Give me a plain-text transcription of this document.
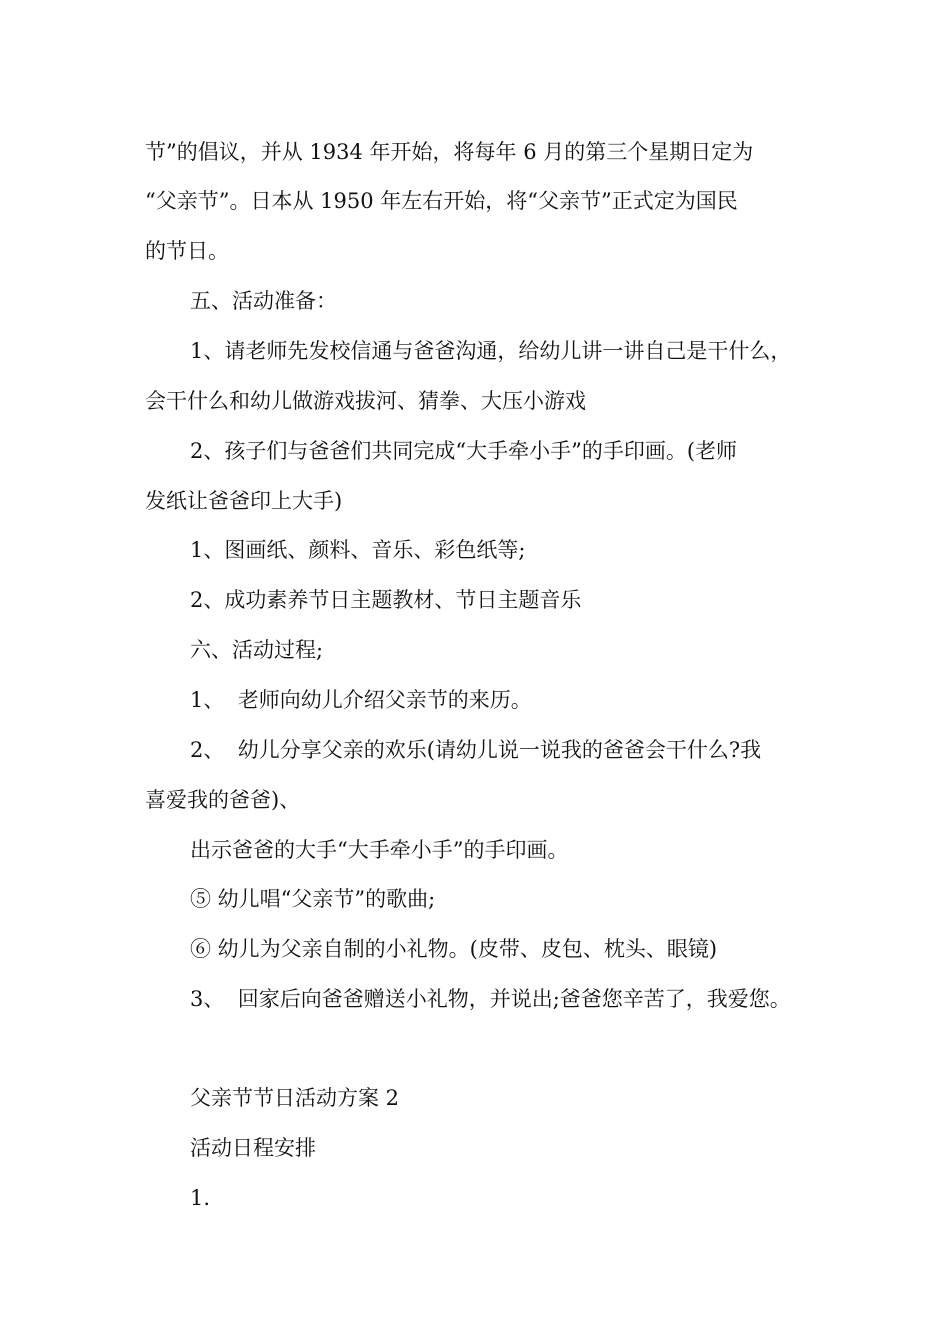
节”的倡议，并从 1934 年开始，将每年 6 月的第三个星期日定为

“父亲节”。日本从 1950 年左右开始，将“父亲节”正式定为国民

的节日。

五、活动准备：

1、请老师先发校信通与爸爸沟通，给幼儿讲一讲自己是干什么，

会干什么和幼儿做游戏拔河、猜拳、大压小游戏

2、孩子们与爸爸们共同完成“大手牵小手”的手印画。(老师

发纸让爸爸印上大手)

1、图画纸、颜料、音乐、彩色纸等;

2、成功素养节日主题教材、节日主题音乐

六、活动过程;

1、  老师向幼儿介绍父亲节的来历。

2、  幼儿分享父亲的欢乐(请幼儿说一说我的爸爸会干什么?我

喜爱我的爸爸)、

出示爸爸的大手“大手牵小手”的手印画。

⑤ 幼儿唱“父亲节”的歌曲;

⑥ 幼儿为父亲自制的小礼物。(皮带、皮包、枕头、眼镜)

3、  回家后向爸爸赠送小礼物，并说出;爸爸您辛苦了，我爱您。

父亲节节日活动方案 2

活动日程安排

1.
